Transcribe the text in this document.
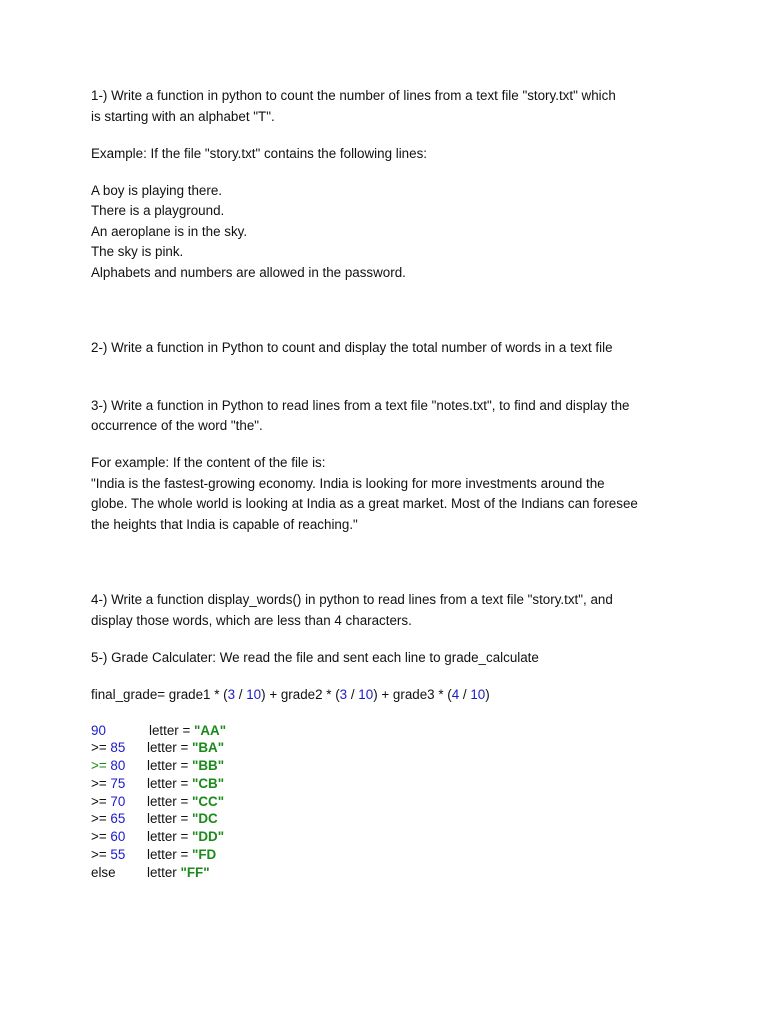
1-) Write a function in python to count the number of lines from a text file "story.txt" which

is starting with an alphabet "T".

Example: If the file "story.txt" contains the following lines:

A boy is playing there.

There is a playground.

An aeroplane is in the sky.

The sky is pink.

Alphabets and numbers are allowed in the password.

2-) Write a function in Python to count and display the total number of words in a text file

3-) Write a function in Python to read lines from a text file "notes.txt", to find and display the

occurrence of the word "the".

For example: If the content of the file is:

"India is the fastest-growing economy. India is looking for more investments around the

globe. The whole world is looking at India as a great market. Most of the Indians can foresee

the heights that India is capable of reaching."

4-) Write a function display_words() in python to read lines from a text file "story.txt", and

display those words, which are less than 4 characters.

5-) Grade Calculater: We read the file and sent each line to grade_calculate

final_grade= grade1 * (3 / 10) + grade2 * (3 / 10) + grade3 * (4 / 10)

90	letter = "AA"
>= 85	letter = "BA"
>= 80	letter = "BB"
>= 75	letter = "CB"
>= 70	letter = "CC"
>= 65	letter = "DC
>= 60	letter = "DD"
>= 55	letter = "FD
else	letter "FF"
